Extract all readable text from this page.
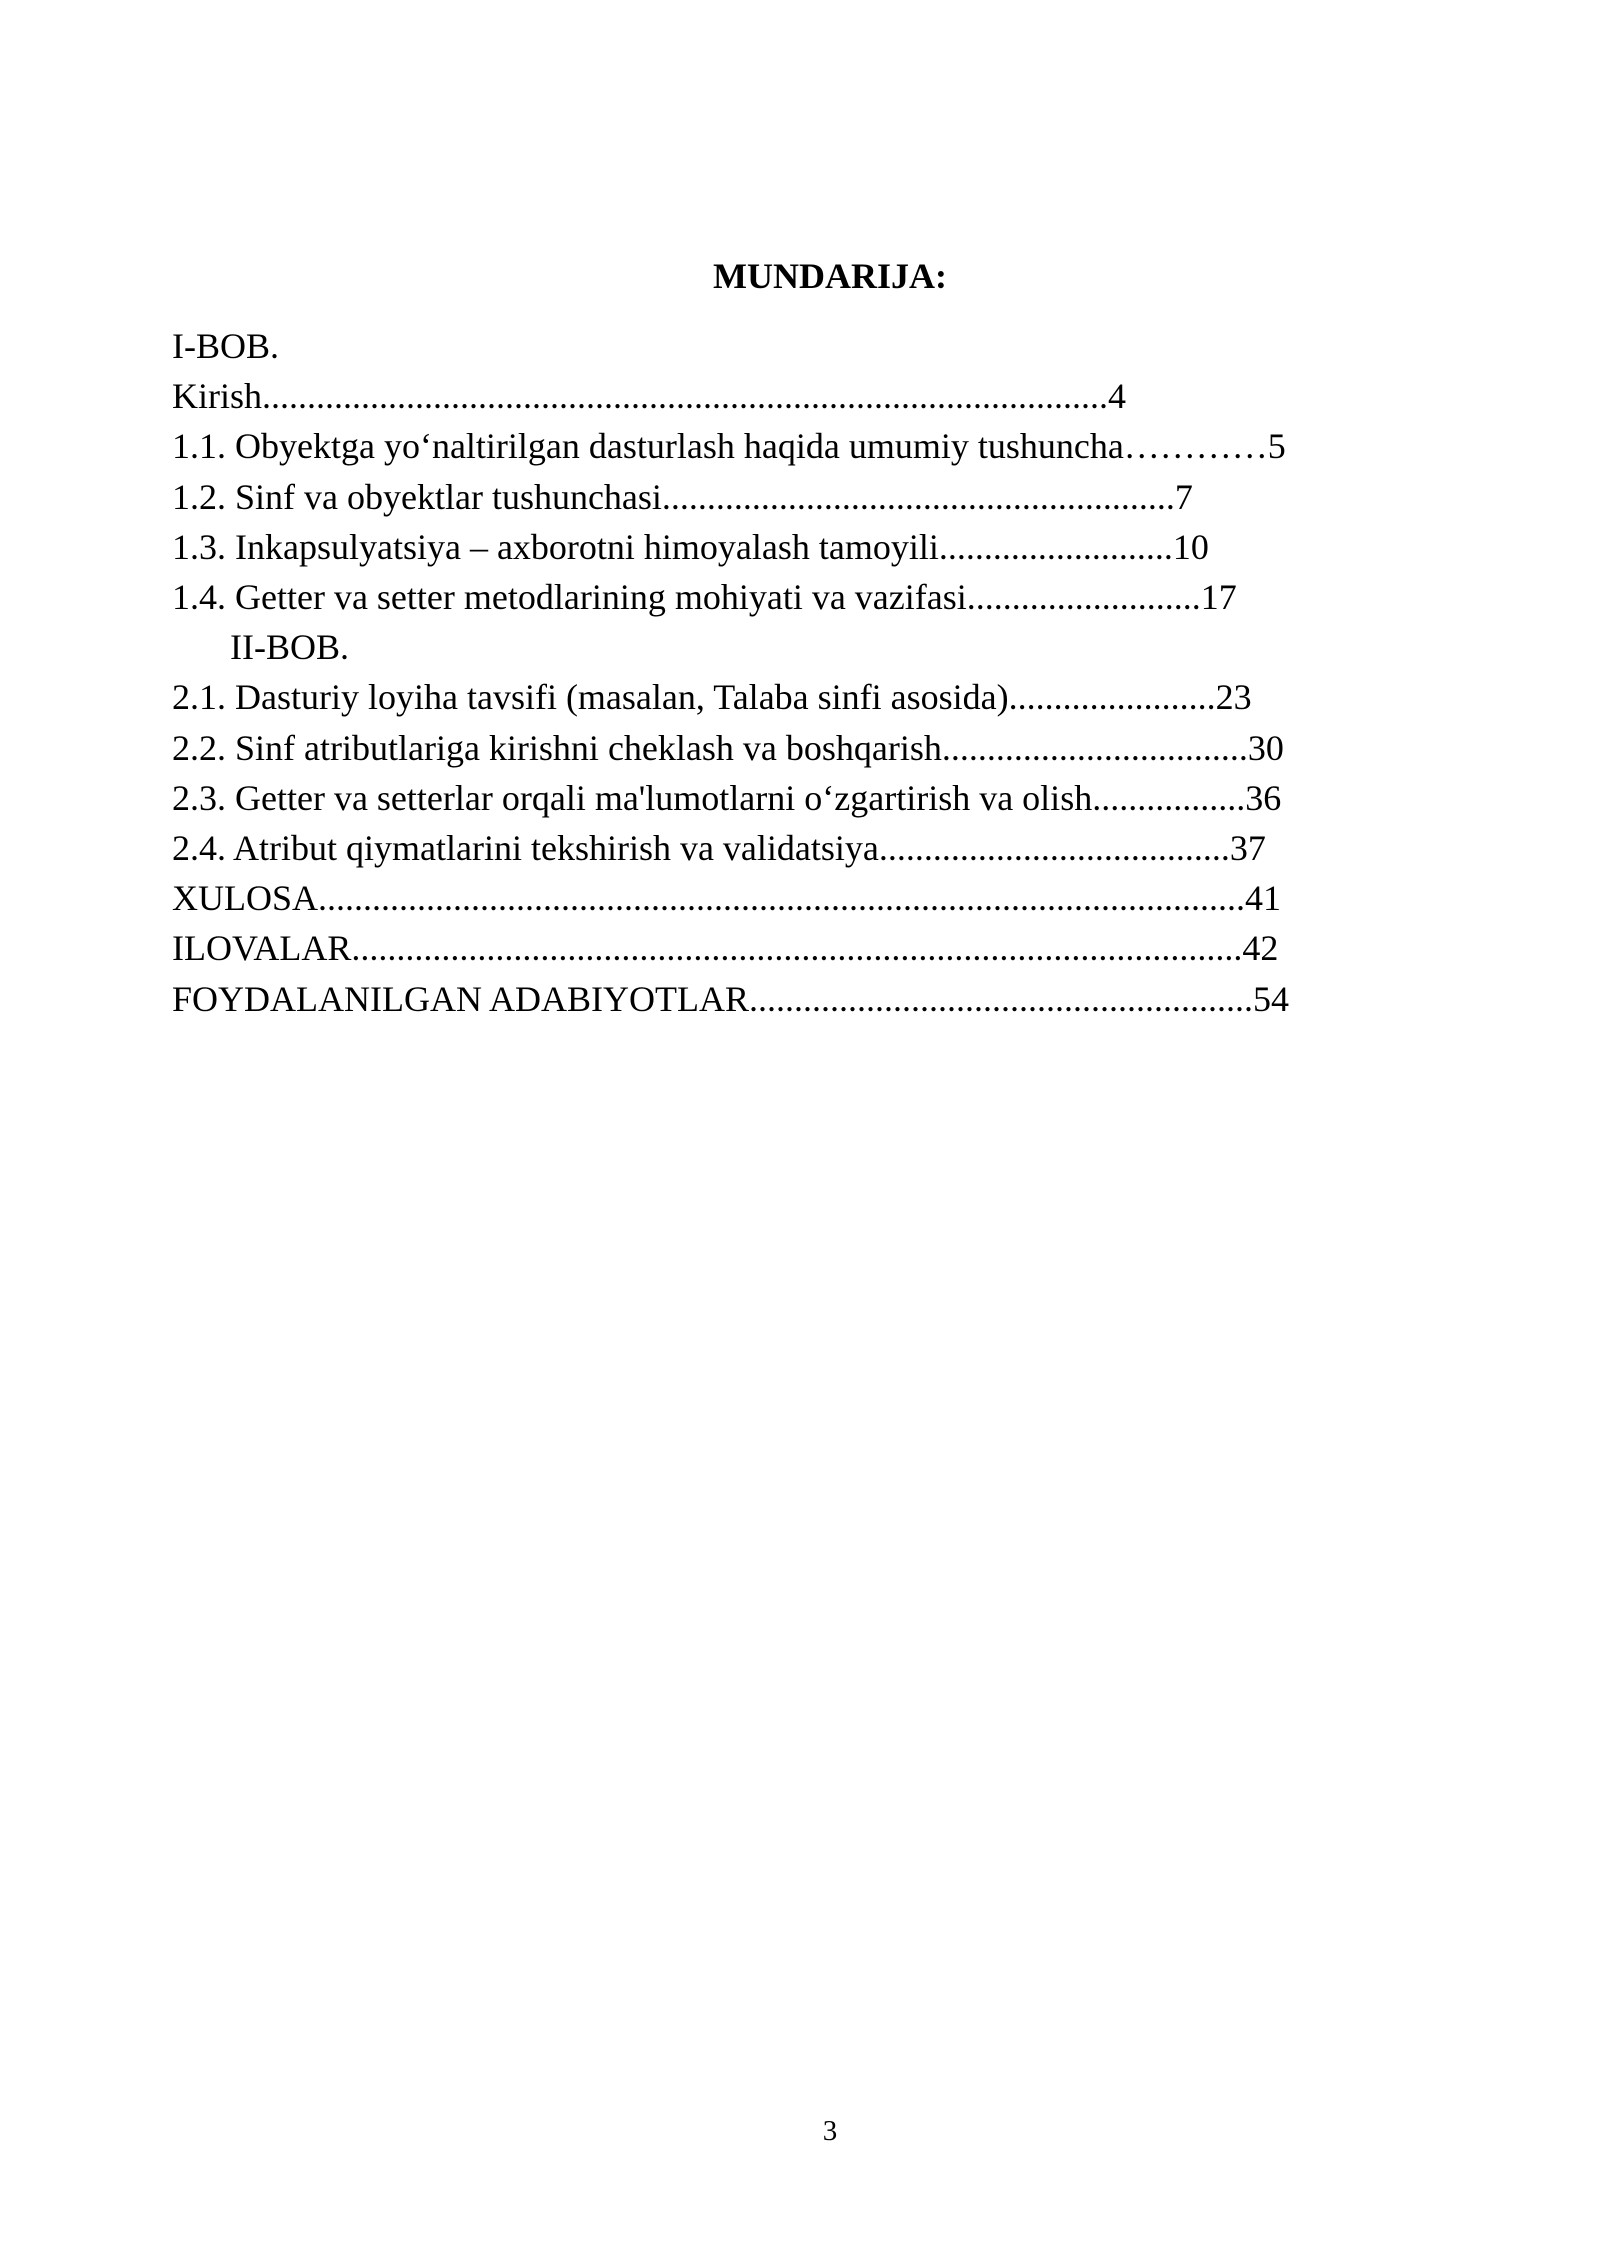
MUNDARIJA:
I-BOB.
Kirish..............................................................................................4
1.1. Obyektga yo‘naltirilgan dasturlash haqida umumiy tushuncha…………5
1.2. Sinf va obyektlar tushunchasi.........................................................7
1.3. Inkapsulyatsiya – axborotni himoyalash tamoyili..........................10
1.4. Getter va setter metodlarining mohiyati va vazifasi..........................17
II-BOB.
2.1. Dasturiy loyiha tavsifi (masalan, Talaba sinfi asosida).......................23
2.2. Sinf atributlariga kirishni cheklash va boshqarish..................................30
2.3. Getter va setterlar orqali ma'lumotlarni o‘zgartirish va olish.................36
2.4. Atribut qiymatlarini tekshirish va validatsiya.......................................37
XULOSA.......................................................................................................41
ILOVALAR...................................................................................................42
FOYDALANILGAN ADABIYOTLAR........................................................54
3
